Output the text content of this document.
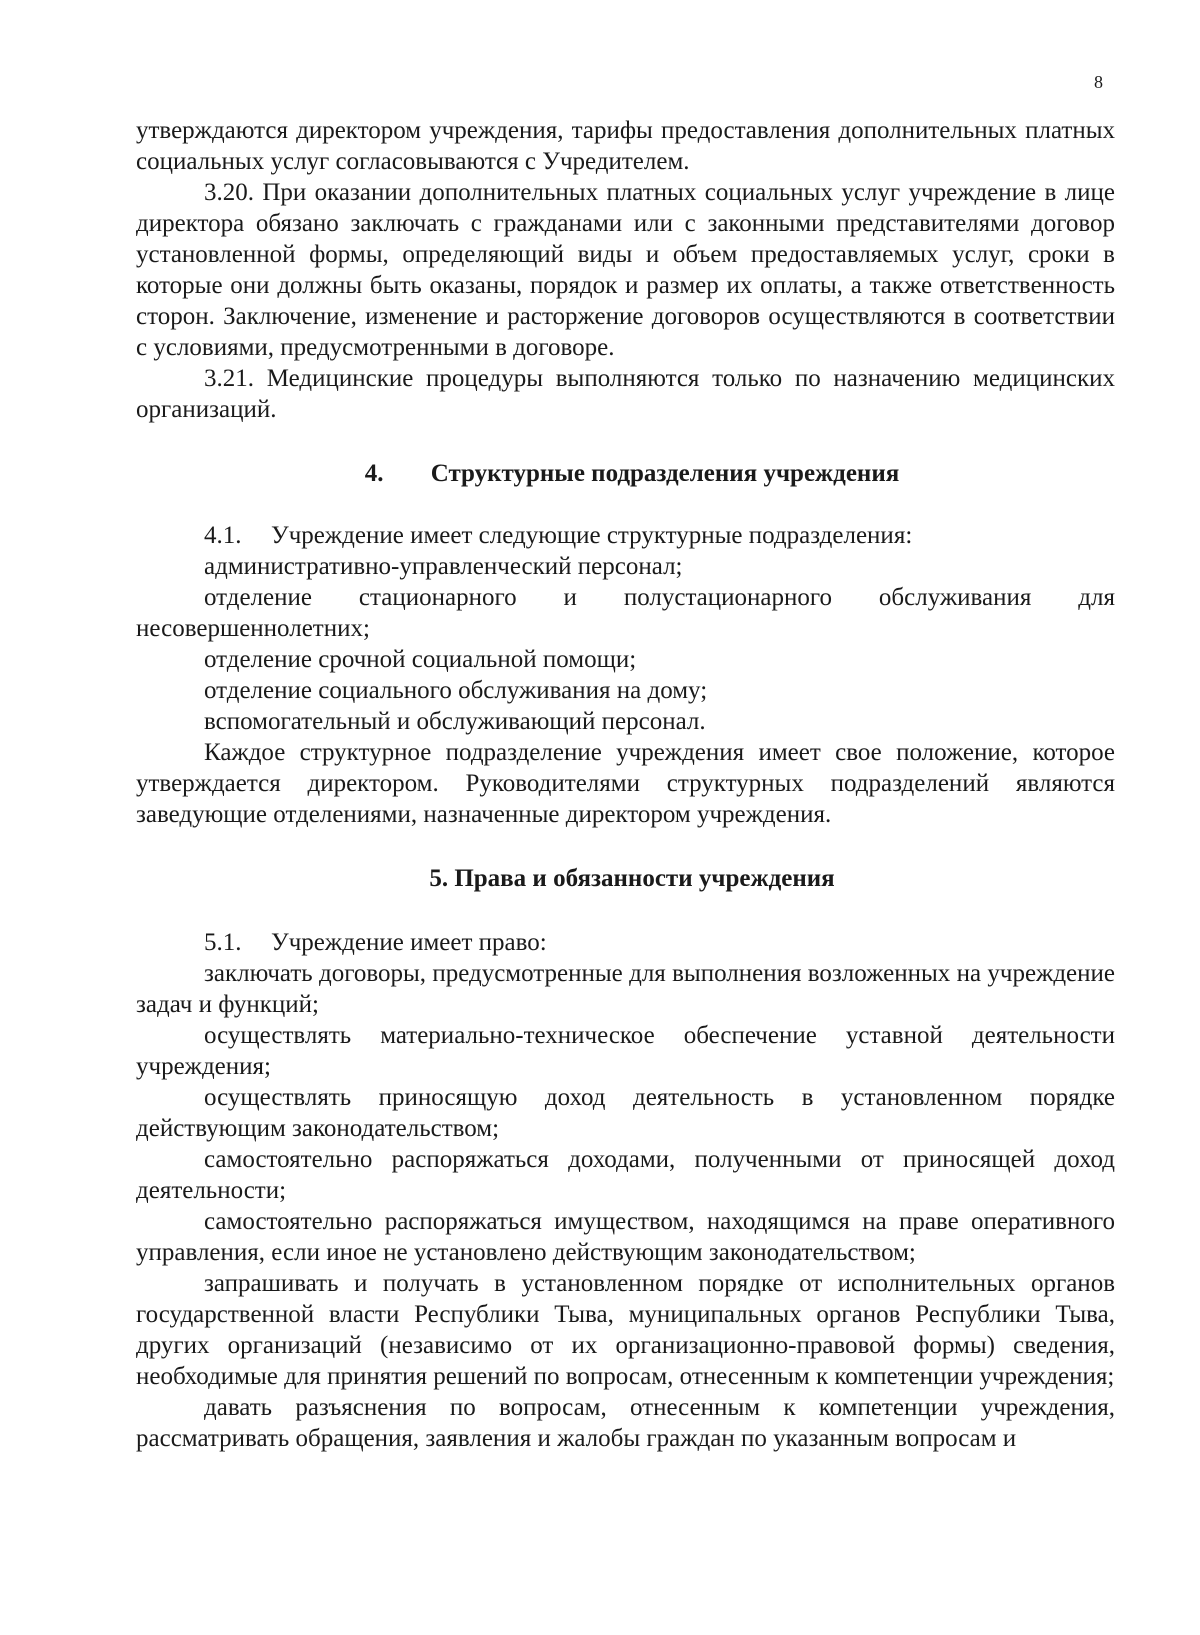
8

утверждаются директором учреждения, тарифы предоставления дополнительных платных социальных услуг согласовываются с Учредителем.

3.20. При оказании дополнительных платных социальных услуг учреждение в лице директора обязано заключать с гражданами или с законными представителями договор установленной формы, определяющий виды и объем предоставляемых услуг, сроки в которые они должны быть оказаны, порядок и размер их оплаты, а также ответственность сторон. Заключение, изменение и расторжение договоров осуществляются в соответствии с условиями, предусмотренными в договоре.

3.21. Медицинские процедуры выполняются только по назначению медицинских организаций.

4. Структурные подразделения учреждения

4.1. Учреждение имеет следующие структурные подразделения:

административно-управленческий персонал;

отделение стационарного и полустационарного обслуживания для несовершеннолетних;

отделение срочной социальной помощи;

отделение социального обслуживания на дому;

вспомогательный и обслуживающий персонал.

Каждое структурное подразделение учреждения имеет свое положение, которое утверждается директором. Руководителями структурных подразделений являются заведующие отделениями, назначенные директором учреждения.

5. Права и обязанности учреждения

5.1. Учреждение имеет право:

заключать договоры, предусмотренные для выполнения возложенных на учреждение задач и функций;

осуществлять материально-техническое обеспечение уставной деятельности учреждения;

осуществлять приносящую доход деятельность в установленном порядке действующим законодательством;

самостоятельно распоряжаться доходами, полученными от приносящей доход деятельности;

самостоятельно распоряжаться имуществом, находящимся на праве оперативного управления, если иное не установлено действующим законодательством;

запрашивать и получать в установленном порядке от исполнительных органов государственной власти Республики Тыва, муниципальных органов Республики Тыва, других организаций (независимо от их организационно-правовой формы) сведения, необходимые для принятия решений по вопросам, отнесенным к компетенции учреждения;

давать разъяснения по вопросам, отнесенным к компетенции учреждения, рассматривать обращения, заявления и жалобы граждан по указанным вопросам и
